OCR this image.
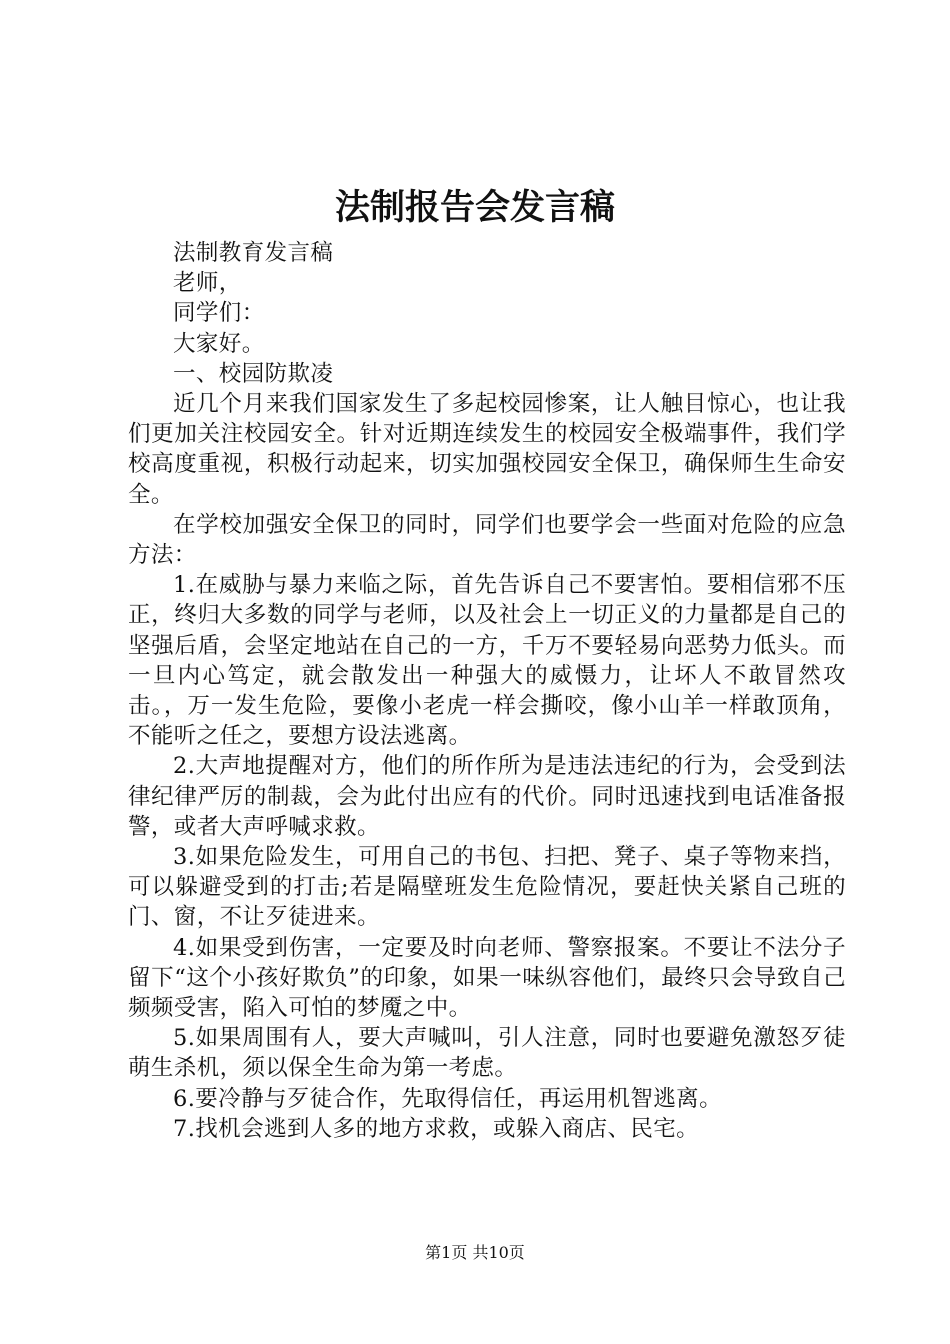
法制报告会发言稿

法制教育发言稿

老师，

同学们：

大家好。

一、校园防欺凌

近几个月来我们国家发生了多起校园惨案，让人触目惊心，也让我们更加关注校园安全。针对近期连续发生的校园安全极端事件，我们学校高度重视，积极行动起来，切实加强校园安全保卫，确保师生生命安全。

在学校加强安全保卫的同时，同学们也要学会一些面对危险的应急方法：

1.在威胁与暴力来临之际，首先告诉自己不要害怕。要相信邪不压正，终归大多数的同学与老师，以及社会上一切正义的力量都是自己的坚强后盾，会坚定地站在自己的一方，千万不要轻易向恶势力低头。而一旦内心笃定，就会散发出一种强大的威慑力，让坏人不敢冒然攻击。，万一发生危险，要像小老虎一样会撕咬，像小山羊一样敢顶角，不能听之任之，要想方设法逃离。

2.大声地提醒对方，他们的所作所为是违法违纪的行为，会受到法律纪律严厉的制裁，会为此付出应有的代价。同时迅速找到电话准备报警，或者大声呼喊求救。

3.如果危险发生，可用自己的书包、扫把、凳子、桌子等物来挡，可以躲避受到的打击;若是隔壁班发生危险情况，要赶快关紧自己班的门、窗，不让歹徒进来。

4.如果受到伤害，一定要及时向老师、警察报案。不要让不法分子留下“这个小孩好欺负”的印象，如果一味纵容他们，最终只会导致自己频频受害，陷入可怕的梦魇之中。

5.如果周围有人，要大声喊叫，引人注意，同时也要避免激怒歹徒萌生杀机，须以保全生命为第一考虑。

6.要冷静与歹徒合作，先取得信任，再运用机智逃离。

7.找机会逃到人多的地方求救，或躲入商店、民宅。

第1页 共10页
